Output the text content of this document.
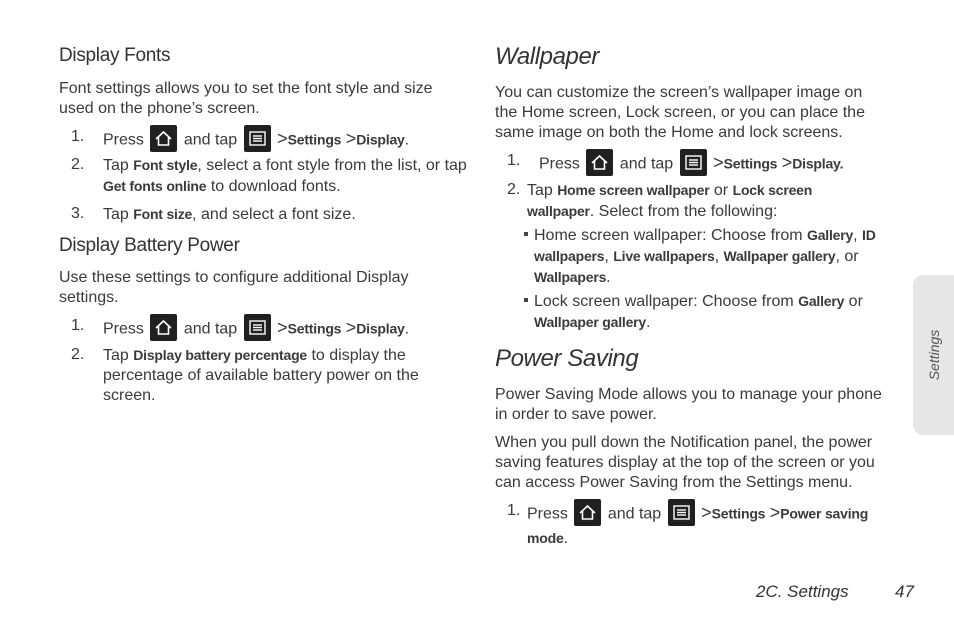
Display Fonts

Font settings allows you to set the font style and size used on the phone’s screen.

1. Press and tap >Settings >Display.
2. Tap Font style, select a font style from the list, or tap Get fonts online to download fonts.
3. Tap Font size, and select a font size.
Display Battery Power

Use these settings to configure additional Display settings.

1. Press and tap >Settings >Display.
2. Tap Display battery percentage to display the
percentage of available battery power on the
screen.
Wallpaper

You can customize the screen’s wallpaper image on
the Home screen, Lock screen, or you can place the
same image on both the Home and lock screens.

1. Press and tap >Settings >Display.
2. Tap Home screen wallpaper or Lock screen
wallpaper. Select from the following:
Home screen wallpaper: Choose from Gallery, ID
wallpapers, Live wallpapers, Wallpaper gallery, or
Wallpapers.
Lock screen wallpaper: Choose from Gallery or
Wallpaper gallery.
Power Saving

Power Saving Mode allows you to manage your phone
in order to save power.

When you pull down the Notification panel, the power
saving features display at the top of the screen or you
can access Power Saving from the Settings menu.

1. Press and tap >Settings >Power saving
mode.
Settings
2C. Settings	47
